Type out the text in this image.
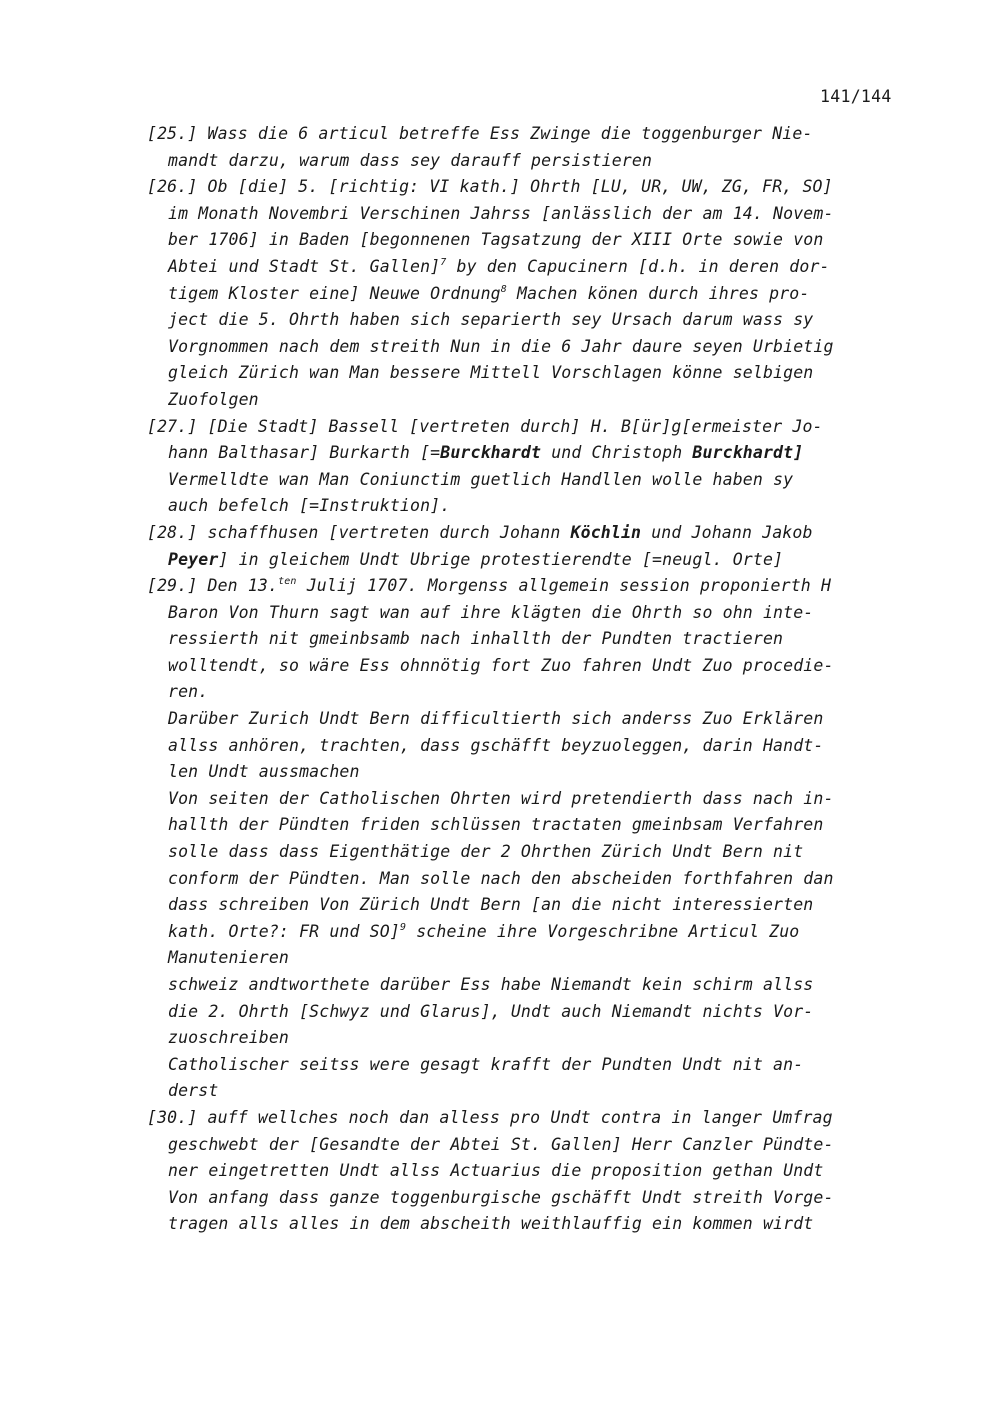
141/144
[25.] Wass die 6 articul betreffe Ess Zwinge die toggenburger Nie-
mandt darzu, warum dass sey darauff persistieren
[26.] Ob [die] 5. [richtig: VI kath.] Ohrth [LU, UR, UW, ZG, FR, SO]
im Monath Novembri Verschinen Jahrss [anlässlich der am 14. Novem-
ber 1706] in Baden [begonnenen Tagsatzung der XIII Orte sowie von
Abtei und Stadt St. Gallen]$^7$ by den Capucinern [d.h. in deren dor-
tigem Kloster eine] Neuwe Ordnung$^8$ Machen könen durch ihres pro-
ject die 5. Ohrth haben sich separierth sey Ursach darum wass sy
Vorgnommen nach dem streith Nun in die 6 Jahr daure seyen Urbietig
gleich Zürich wan Man bessere Mittell Vorschlagen könne selbigen
Zuofolgen
[27.] [Die Stadt] Bassell [vertreten durch] H. B[ür]g[ermeister Jo-
hann Balthasar] Burkarth [=Burckhardt und Christoph Burckhardt]
Vermelldte wan Man Coniunctim guetlich Handllen wolle haben sy
auch befelch [=Instruktion].
[28.] schaffhusen [vertreten durch Johann Köchlin und Johann Jakob
Peyer] in gleichem Undt Ubrige protestierendte [=neugl. Orte]
[29.] Den 13.$^{ten}$ Julij 1707. Morgenss allgemein session proponierth H
Baron Von Thurn sagt wan auf ihre klägten die Ohrth so ohn inte-
ressierth nit gmeinbsamb nach inhallth der Pundten tractieren
wolltendt, so wäre Ess ohnnötig fort Zuo fahren Undt Zuo procedie-
ren.
Darüber Zurich Undt Bern difficultierth sich anderss Zuo Erklären
allss anhören, trachten, dass gschäfft beyzuoleggen, darin Handt-
len Undt aussmachen
Von seiten der Catholischen Ohrten wird pretendierth dass nach in-
hallth der Pündten friden schlüssen tractaten gmeinbsam Verfahren
solle dass dass Eigenthätige der 2 Ohrthen Zürich Undt Bern nit
conform der Pündten. Man solle nach den abscheiden forthfahren dan
dass schreiben Von Zürich Undt Bern [an die nicht interessierten
kath. Orte?: FR und SO]$^9$ scheine ihre Vorgeschribne Articul Zuo
Manutenieren
schweiz andtworthete darüber Ess habe Niemandt kein schirm allss
die 2. Ohrth [Schwyz und Glarus], Undt auch Niemandt nichts Vor-
zuoschreiben
Catholischer seitss were gesagt krafft der Pundten Undt nit an-
derst
[30.] auff wellches noch dan alless pro Undt contra in langer Umfrag
geschwebt der [Gesandte der Abtei St. Gallen] Herr Canzler Pündte-
ner eingetretten Undt allss Actuarius die proposition gethan Undt
Von anfang dass ganze toggenburgische gschäfft Undt streith Vorge-
tragen alls alles in dem abscheith weithlauffig ein kommen wirdt
